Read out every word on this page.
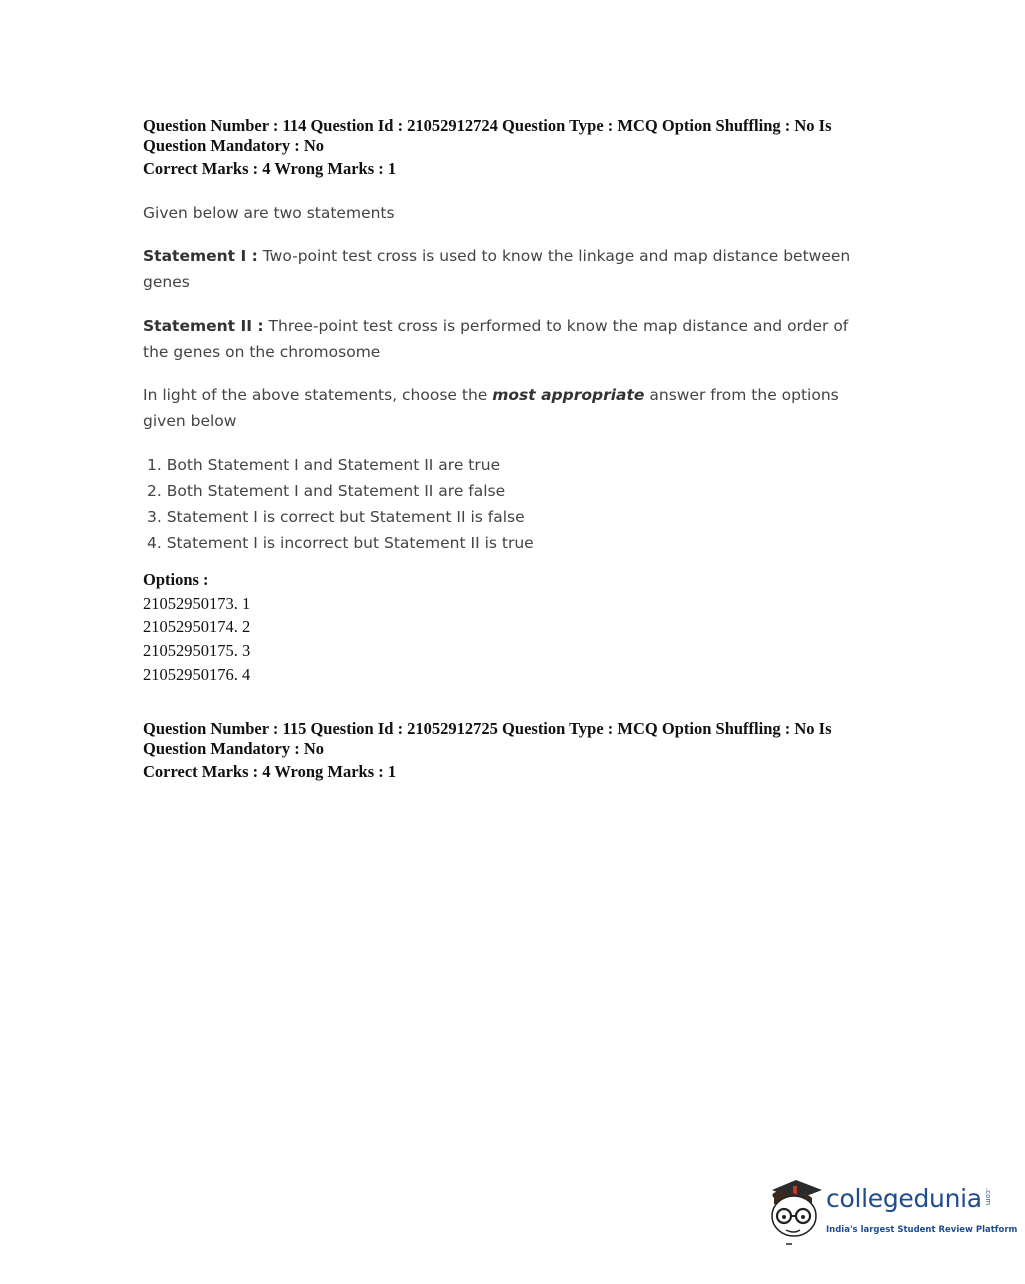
Question Number : 114 Question Id : 21052912724 Question Type : MCQ Option Shuffling : No Is Question Mandatory : No
Correct Marks : 4 Wrong Marks : 1
Given below are two statements
Statement I : Two-point test cross is used to know the linkage and map distance between genes
Statement II : Three-point test cross is performed to know the map distance and order of the genes on the chromosome
In light of the above statements, choose the most appropriate answer from the options given below
1. Both Statement I and Statement II are true
2. Both Statement I and Statement II are false
3. Statement I is correct but Statement II is false
4. Statement I is incorrect but Statement II is true
Options :
21052950173. 1
21052950174. 2
21052950175. 3
21052950176. 4
Question Number : 115 Question Id : 21052912725 Question Type : MCQ Option Shuffling : No Is Question Mandatory : No
Correct Marks : 4 Wrong Marks : 1
collegedunia .com
India's largest Student Review Platform
